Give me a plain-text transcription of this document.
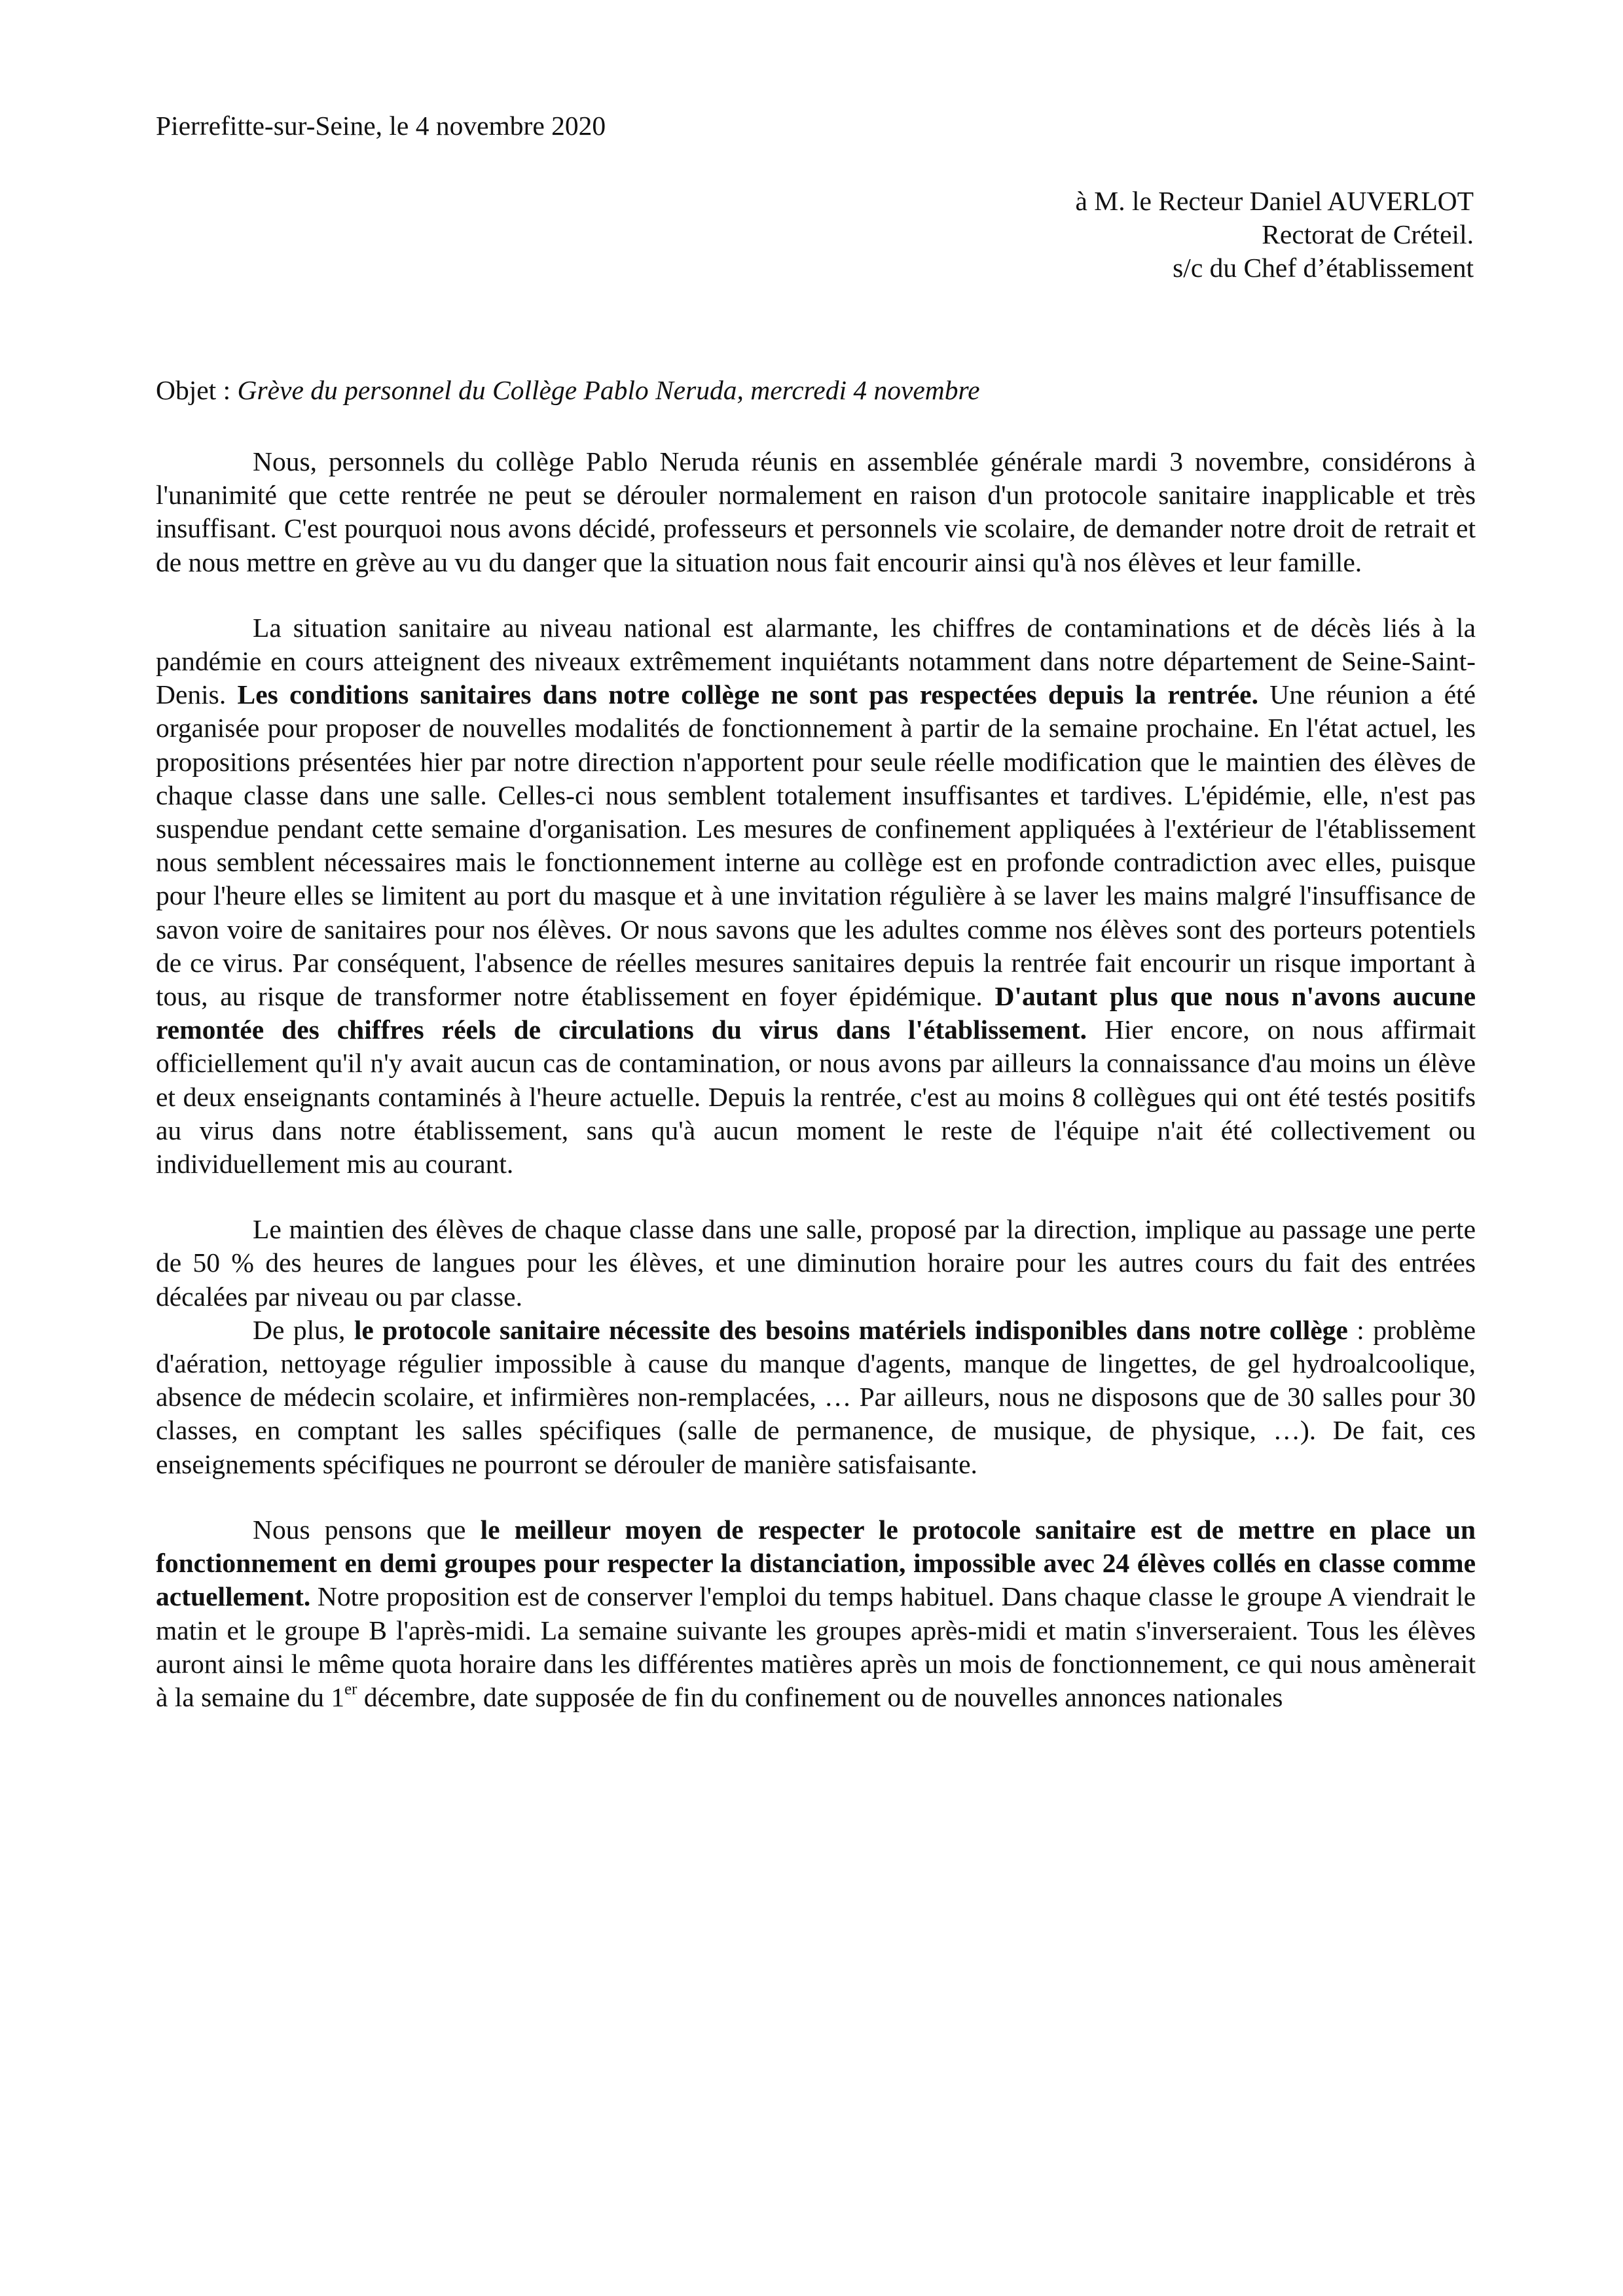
Pierrefitte-sur-Seine, le 4 novembre 2020
à M. le Recteur Daniel AUVERLOT
Rectorat de Créteil.
s/c du Chef d’établissement
Objet : Grève du personnel du Collège Pablo Neruda, mercredi 4 novembre

Nous, personnels du collège Pablo Neruda réunis en assemblée générale mardi 3 novembre, considérons à l'unanimité que cette rentrée ne peut se dérouler normalement en raison d'un protocole sanitaire inapplicable et très insuffisant. C'est pourquoi nous avons décidé, professeurs et personnels vie scolaire, de demander notre droit de retrait et de nous mettre en grève au vu du danger que la situation nous fait encourir ainsi qu'à nos élèves et leur famille.

La situation sanitaire au niveau national est alarmante, les chiffres de contaminations et de décès liés à la pandémie en cours atteignent des niveaux extrêmement inquiétants notamment dans notre département de Seine-Saint-Denis. Les conditions sanitaires dans notre collège ne sont pas respectées depuis la rentrée. Une réunion a été organisée pour proposer de nouvelles modalités de fonctionnement à partir de la semaine prochaine. En l'état actuel, les propositions présentées hier par notre direction n'apportent pour seule réelle modification que le maintien des élèves de chaque classe dans une salle. Celles-ci nous semblent totalement insuffisantes et tardives. L'épidémie, elle, n'est pas suspendue pendant cette semaine d'organisation. Les mesures de confinement appliquées à l'extérieur de l'établissement nous semblent nécessaires mais le fonctionnement interne au collège est en profonde contradiction avec elles, puisque pour l'heure elles se limitent au port du masque et à une invitation régulière à se laver les mains malgré l'insuffisance de savon voire de sanitaires pour nos élèves. Or nous savons que les adultes comme nos élèves sont des porteurs potentiels de ce virus. Par conséquent, l'absence de réelles mesures sanitaires depuis la rentrée fait encourir un risque important à tous, au risque de transformer notre établissement en foyer épidémique. D'autant plus que nous n'avons aucune remontée des chiffres réels de circulations du virus dans l'établissement. Hier encore, on nous affirmait officiellement qu'il n'y avait aucun cas de contamination, or nous avons par ailleurs la connaissance d'au moins un élève et deux enseignants contaminés à l'heure actuelle. Depuis la rentrée, c'est au moins 8 collègues qui ont été testés positifs au virus dans notre établissement, sans qu'à aucun moment le reste de l'équipe n'ait été collectivement ou individuellement mis au courant.

Le maintien des élèves de chaque classe dans une salle, proposé par la direction, implique au passage une perte de 50 % des heures de langues pour les élèves, et une diminution horaire pour les autres cours du fait des entrées décalées par niveau ou par classe.

De plus, le protocole sanitaire nécessite des besoins matériels indisponibles dans notre collège : problème d'aération, nettoyage régulier impossible à cause du manque d'agents, manque de lingettes, de gel hydroalcoolique, absence de médecin scolaire, et infirmières non-remplacées, … Par ailleurs, nous ne disposons que de 30 salles pour 30 classes, en comptant les salles spécifiques (salle de permanence, de musique, de physique, …). De fait, ces enseignements spécifiques ne pourront se dérouler de manière satisfaisante.

Nous pensons que le meilleur moyen de respecter le protocole sanitaire est de mettre en place un fonctionnement en demi groupes pour respecter la distanciation, impossible avec 24 élèves collés en classe comme actuellement. Notre proposition est de conserver l'emploi du temps habituel. Dans chaque classe le groupe A viendrait le matin et le groupe B l'après-midi. La semaine suivante les groupes après-midi et matin s'inverseraient. Tous les élèves auront ainsi le même quota horaire dans les différentes matières après un mois de fonctionnement, ce qui nous amènerait à la semaine du 1er décembre, date supposée de fin du confinement ou de nouvelles annonces nationales
